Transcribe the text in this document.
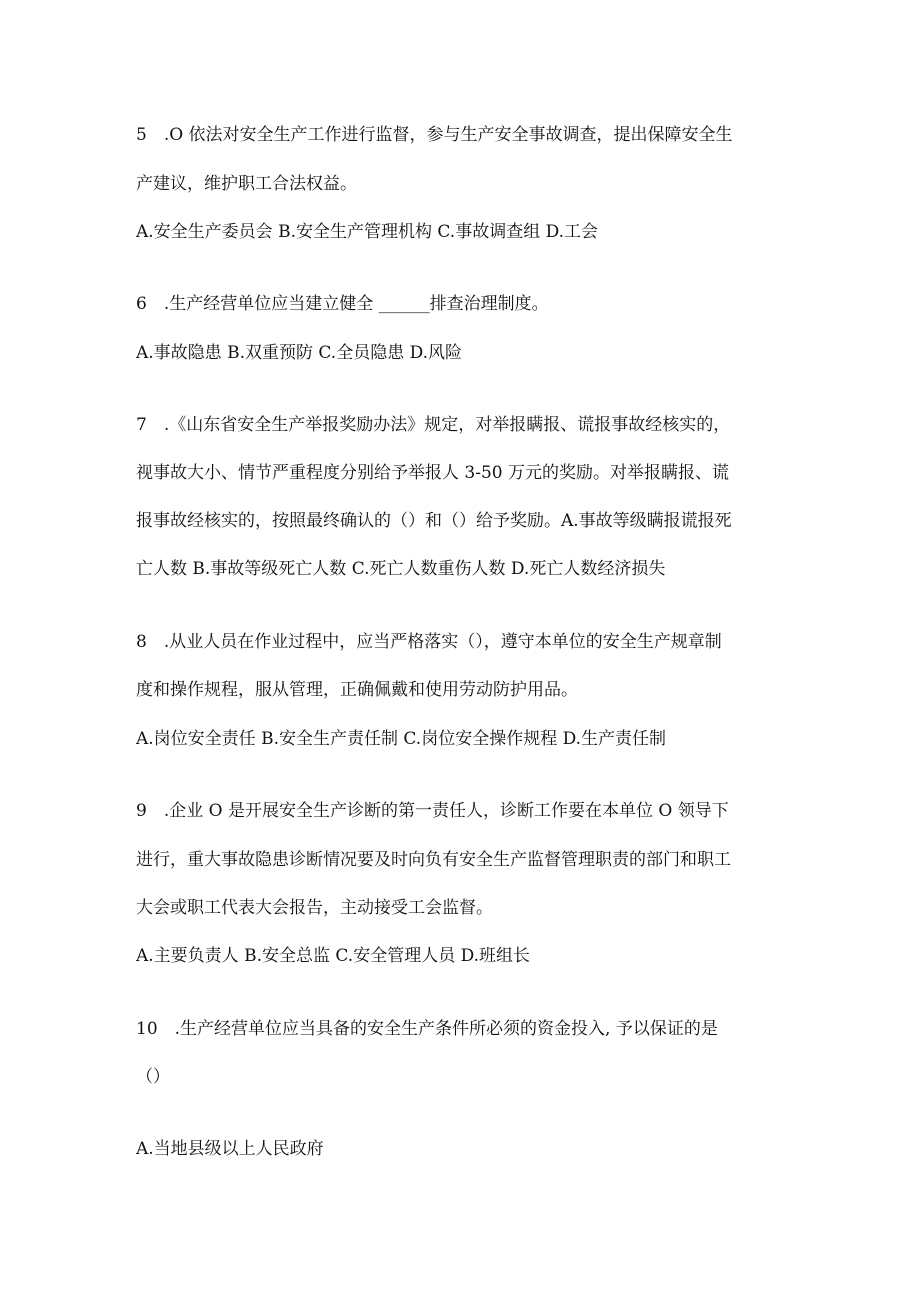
5　.O 依法对安全生产工作进行监督，参与生产安全事故调查，提出保障安全生
产建议，维护职工合法权益。
A.安全生产委员会 B.安全生产管理机构 C.事故调查组 D.工会
6　.生产经营单位应当建立健全 ______排查治理制度。
A.事故隐患 B.双重预防 C.全员隐患 D.风险
7　.《山东省安全生产举报奖励办法》规定，对举报瞒报、谎报事故经核实的，
视事故大小、情节严重程度分别给予举报人 3-50 万元的奖励。对举报瞒报、谎
报事故经核实的，按照最终确认的（）和（）给予奖励。A.事故等级瞒报谎报死
亡人数 B.事故等级死亡人数 C.死亡人数重伤人数 D.死亡人数经济损失
8　.从业人员在作业过程中，应当严格落实（），遵守本单位的安全生产规章制
度和操作规程，服从管理，正确佩戴和使用劳动防护用品。
A.岗位安全责任 B.安全生产责任制 C.岗位安全操作规程 D.生产责任制
9　.企业 O 是开展安全生产诊断的第一责任人，诊断工作要在本单位 O 领导下
进行，重大事故隐患诊断情况要及时向负有安全生产监督管理职责的部门和职工
大会或职工代表大会报告，主动接受工会监督。
A.主要负责人 B.安全总监 C.安全管理人员 D.班组长
10　.生产经营单位应当具备的安全生产条件所必须的资金投入, 予以保证的是
（）
A.当地县级以上人民政府
